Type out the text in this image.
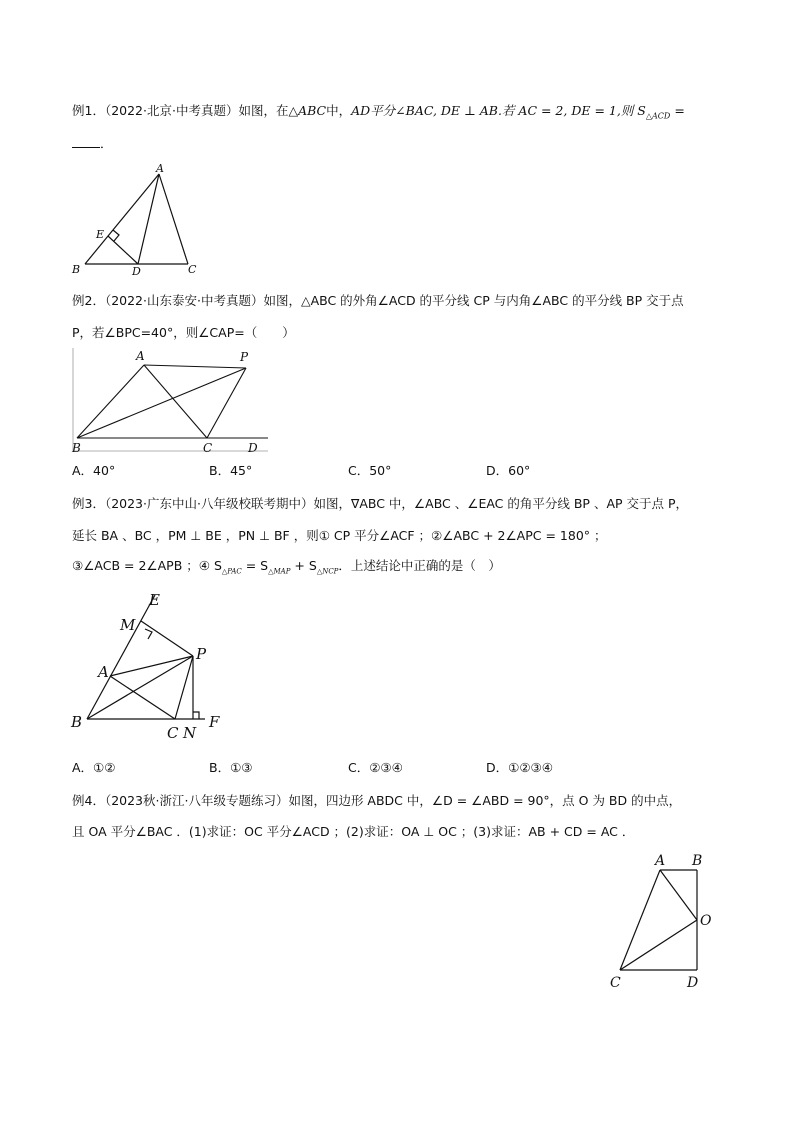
例1．（2022·北京·中考真题）如图，在△ABC中，AD平分∠BAC, DE ⊥ AB.若 AC = 2, DE = 1,则 $S_{\triangle ACD}$ =
．
A
E
B	D	C
例2．（2022·山东泰安·中考真题）如图，△ABC 的外角∠ACD 的平分线 CP 与内角∠ABC 的平分线 BP 交于点
P，若∠BPC=40°，则∠CAP=（　　）
A	P
B	C	D
A．40°	B．45°	C．50°	D．60°
例3．（2023·广东中山·八年级校联考期中）如图，∇ABC 中，∠ABC 、∠EAC 的角平分线 BP 、AP 交于点 P，
延长 BA 、BC ，PM ⊥ BE ，PN ⊥ BF ，则① CP 平分∠ACF ；②∠ABC + 2∠APC = 180° ；
③∠ACB = 2∠APB ；④ $S_{\triangle PAC} = S_{\triangle MAP} + S_{\triangle NCP}$．上述结论中正确的是（　）
E
M
P
A
B
C N
F
A．①②	B．①③	C．②③④	D．①②③④
例4．（2023秋·浙江·八年级专题练习）如图，四边形 ABDC 中，∠D = ∠ABD = 90°，点 O 为 BD 的中点，
且 OA 平分∠BAC ．(1)求证：OC 平分∠ACD ；(2)求证：OA ⊥ OC ；(3)求证：AB + CD = AC ．
A B
O
C	D
